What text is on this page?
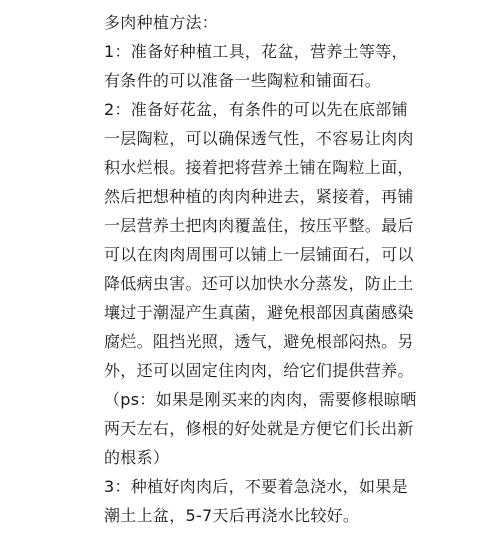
多肉种植方法：
1：准备好种植工具，花盆，营养土等等，
有条件的可以准备一些陶粒和铺面石。
2：准备好花盆，有条件的可以先在底部铺
一层陶粒，可以确保透气性，不容易让肉肉
积水烂根。接着把将营养土铺在陶粒上面，
然后把想种植的肉肉种进去，紧接着，再铺
一层营养土把肉肉覆盖住，按压平整。最后
可以在肉肉周围可以铺上一层铺面石，可以
降低病虫害。还可以加快水分蒸发，防止土
壤过于潮湿产生真菌，避免根部因真菌感染
腐烂。阻挡光照，透气，避免根部闷热。另
外，还可以固定住肉肉，给它们提供营养。
（ps：如果是刚买来的肉肉，需要修根晾晒
两天左右，修根的好处就是方便它们长出新
的根系）
3：种植好肉肉后，不要着急浇水，如果是
潮土上盆，5-7天后再浇水比较好。
